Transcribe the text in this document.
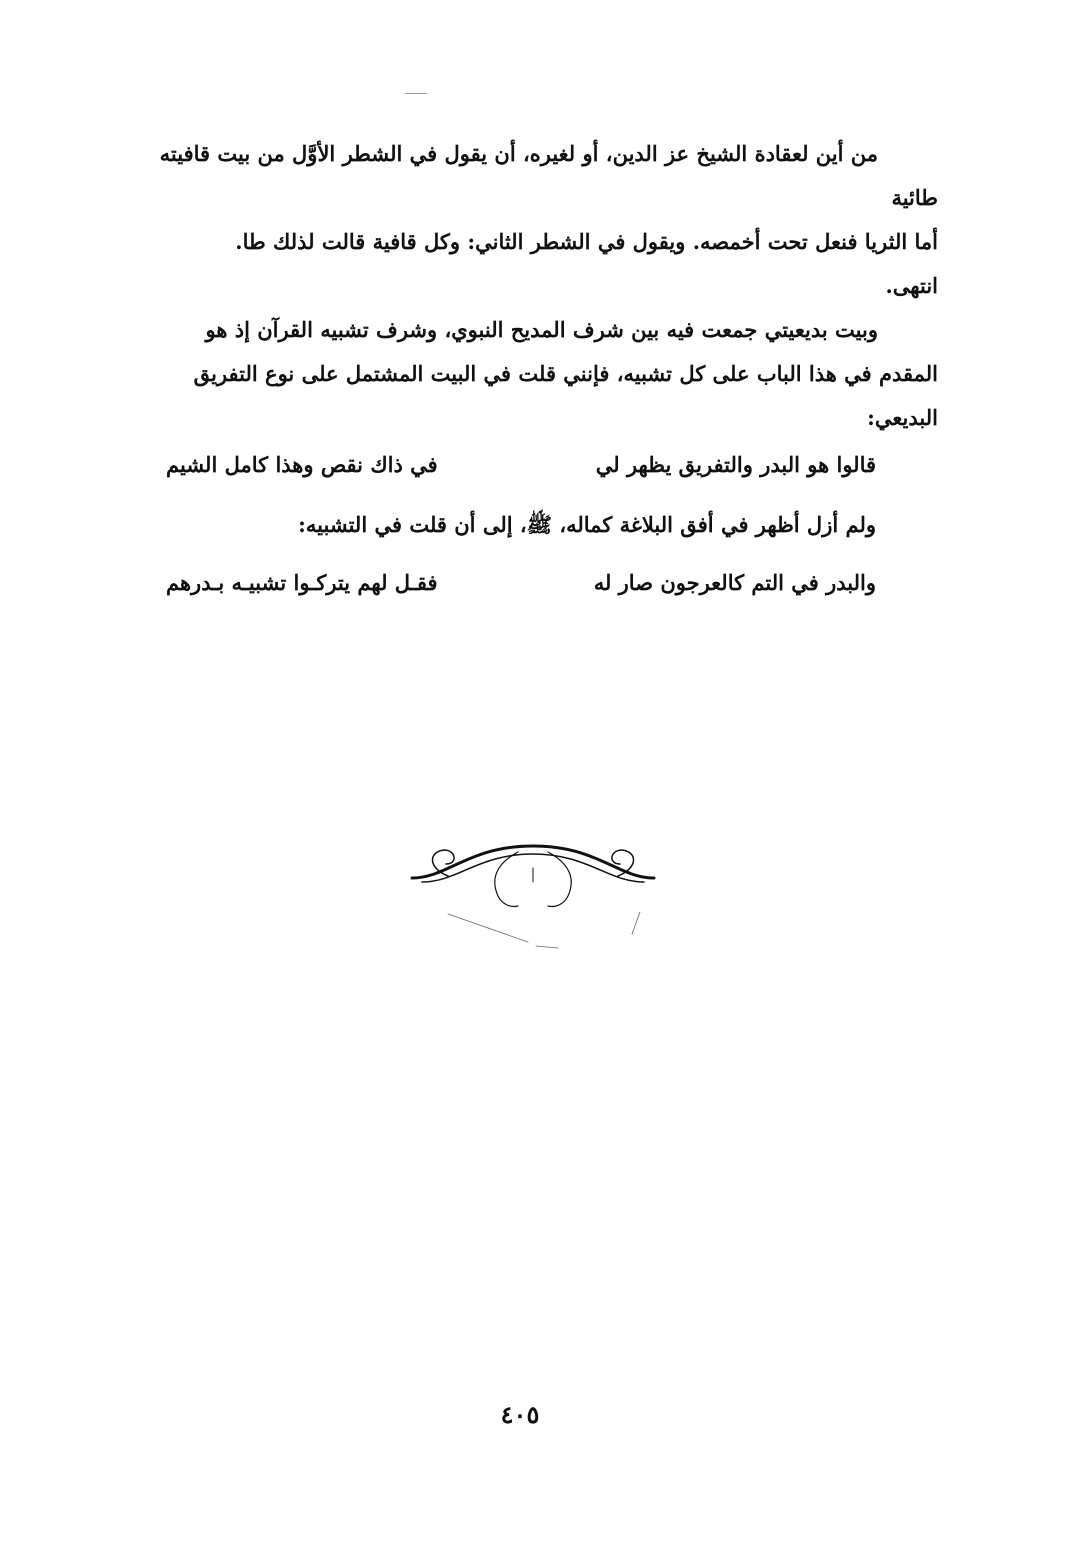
من أين لعقادة الشيخ عز الدين، أو لغيره، أن يقول في الشطر الأوَّل من بيت قافيته
طائية
أما الثريا فنعل تحت أخمصه. ويقول في الشطر الثاني: وكل قافية قالت لذلك طا.
انتهى.
وبيت بديعيتي جمعت فيه بين شرف المديح النبوي، وشرف تشبيه القرآن إذ هو
المقدم في هذا الباب على كل تشبيه، فإنني قلت في البيت المشتمل على نوع التفريق
البديعي:
قالوا هو البدر والتفريق يظهر لي
في ذاك نقص وهذا كامل الشيم
ولم أزل أظهر في أفق البلاغة كماله، ﷺ، إلى أن قلت في التشبيه:
والبدر في التم كالعرجون صار له
فقـل لهم يتركـوا تشبيـه بـدرهم
٤٠٥
